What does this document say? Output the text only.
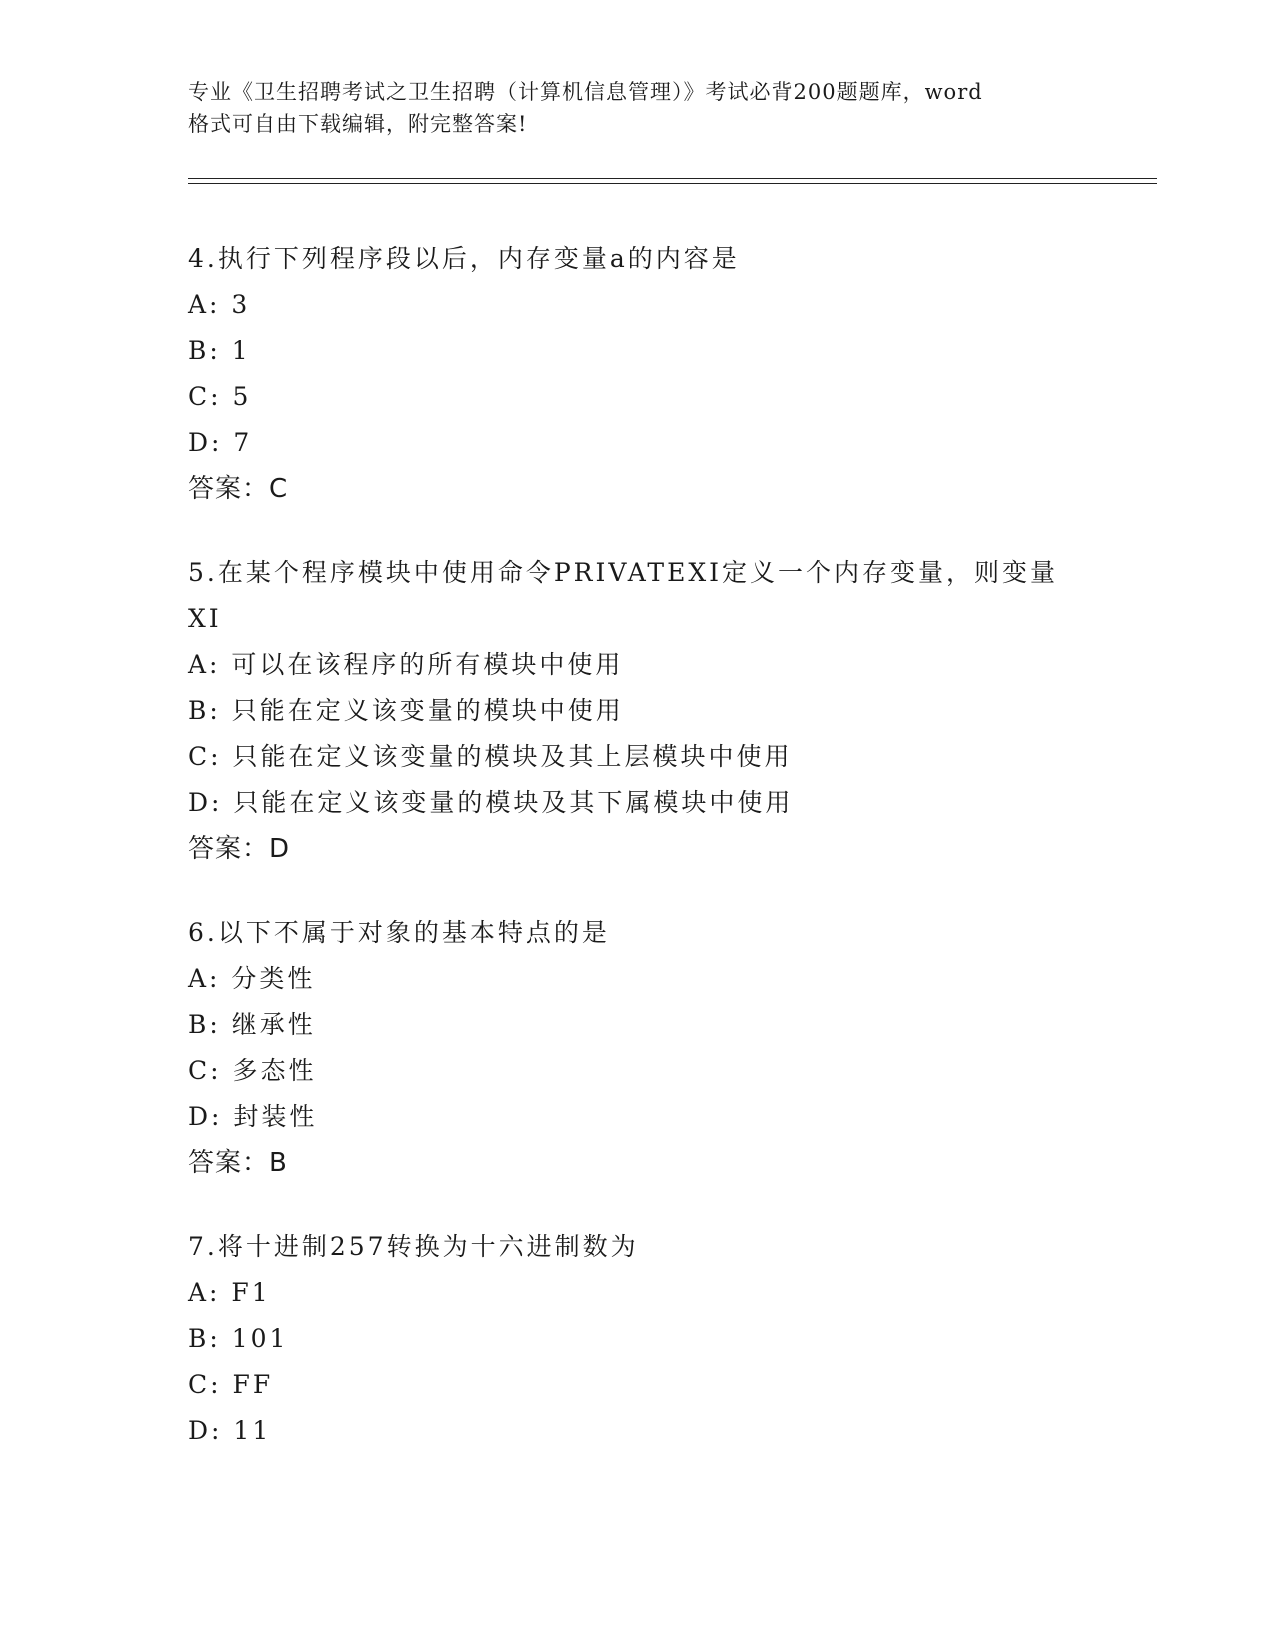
专业《卫生招聘考试之卫生招聘（计算机信息管理）》考试必背200题题库，word
格式可自由下载编辑，附完整答案!
4.执行下列程序段以后，内存变量a的内容是
A: 3
B: 1
C: 5
D: 7
答案：C
5.在某个程序模块中使用命令PRIVATEXI定义一个内存变量，则变量
XI
A: 可以在该程序的所有模块中使用
B: 只能在定义该变量的模块中使用
C: 只能在定义该变量的模块及其上层模块中使用
D: 只能在定义该变量的模块及其下属模块中使用
答案：D
6.以下不属于对象的基本特点的是
A: 分类性
B: 继承性
C: 多态性
D: 封装性
答案：B
7.将十进制257转换为十六进制数为
A: F1
B: 101
C: FF
D: 11
